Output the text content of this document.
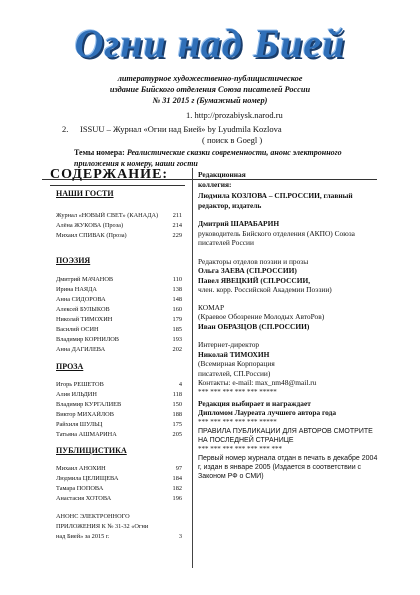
Огни над Бией
литературное художественно-публицистическое
издание Бийского отделения Союза писателей России
№ 31 2015 г (Бумажный номер)
1. http://prozabiysk.narod.ru
2. ISSUU – Журнал «Огни над Бией» by Lyudmila Kozlova
( поиск в Goegl )
Темы номера: Реалистические сказки современности, анонс электронного приложения к номеру, наши гости
СОДЕРЖАНИЕ:
НАШИ ГОСТИ
211
Журнал «НОВЫЙ СВЕТ» (КАНАДА)
214
Алёна ЖУКОВА (Проза)
229
Михаил СПИВАК (Проза)
ПОЭЗИЯ
110
Дмитрий МАЧАНОВ
138
Ирина НАЯДА
148
Анна СИДОРОВА
160
Алексей БУЛЫКОВ
179
Николай ТИМОХИН
185
Василий ОСИН
193
Владимир КОРНИЛОВ
202
Анна ДАГИЛЕВА
ПРОЗА
4
Игорь РЕШЕТОВ
118
Алия ИЛЬДИН
150
Владимир КУРГАЛИЕВ
188
Виктор МИХАЙЛОВ
175
Райхиля ШУЛЬЦ
205
Татьяна АШМАРИНА
ПУБЛИЦИСТИКА
97
Михаил АНОХИН
184
Людмила ЦЕЛИЩЕВА
182
Тамара ПОПОВА
196
Анастасия ХОТОВА
АНОНС ЭЛЕКТРОННОГО
ПРИЛОЖЕНИЯ К № 31-32 «Огни
3
над Бией» за 2015 г.
Редакционная
коллегия:
Людмила КОЗЛОВА – СП.РОССИИ, главный редактор, издатель
Дмитрий ШАРАБАРИН
руководитель Бийского отделения (АКПО) Союза писателей России
Редакторы отделов поэзии и прозы
Ольга ЗАЕВА (СП.РОССИИ)
Павел ЯВЕЦКИЙ (СП.РОССИИ,
член. корр. Российской Академии Поэзии)
КОМАР
(Краевое Обозрение Молодых АвтоРов)
Иван ОБРАЗЦОВ (СП.РОССИИ)
Интернет-директор
Николай ТИМОХИН
(Всемирная Корпорация
писателей, СП.России)
Контакты: e-mail: max_nm48@mail.ru
*** *** *** *** *** *****
Редакция выбирает и награждает
Дипломом Лауреата лучшего автора года
*** *** *** *** *** *****
ПРАВИЛА ПУБЛИКАЦИИ ДЛЯ АВТОРОВ СМОТРИТЕ НА ПОСЛЕДНЕЙ СТРАНИЦЕ
*** *** *** *** *** *** ***
Первый номер журнала отдан в печать в декабре 2004 г, издан в январе 2005 (Издается в соответствии с Законом РФ о СМИ)
